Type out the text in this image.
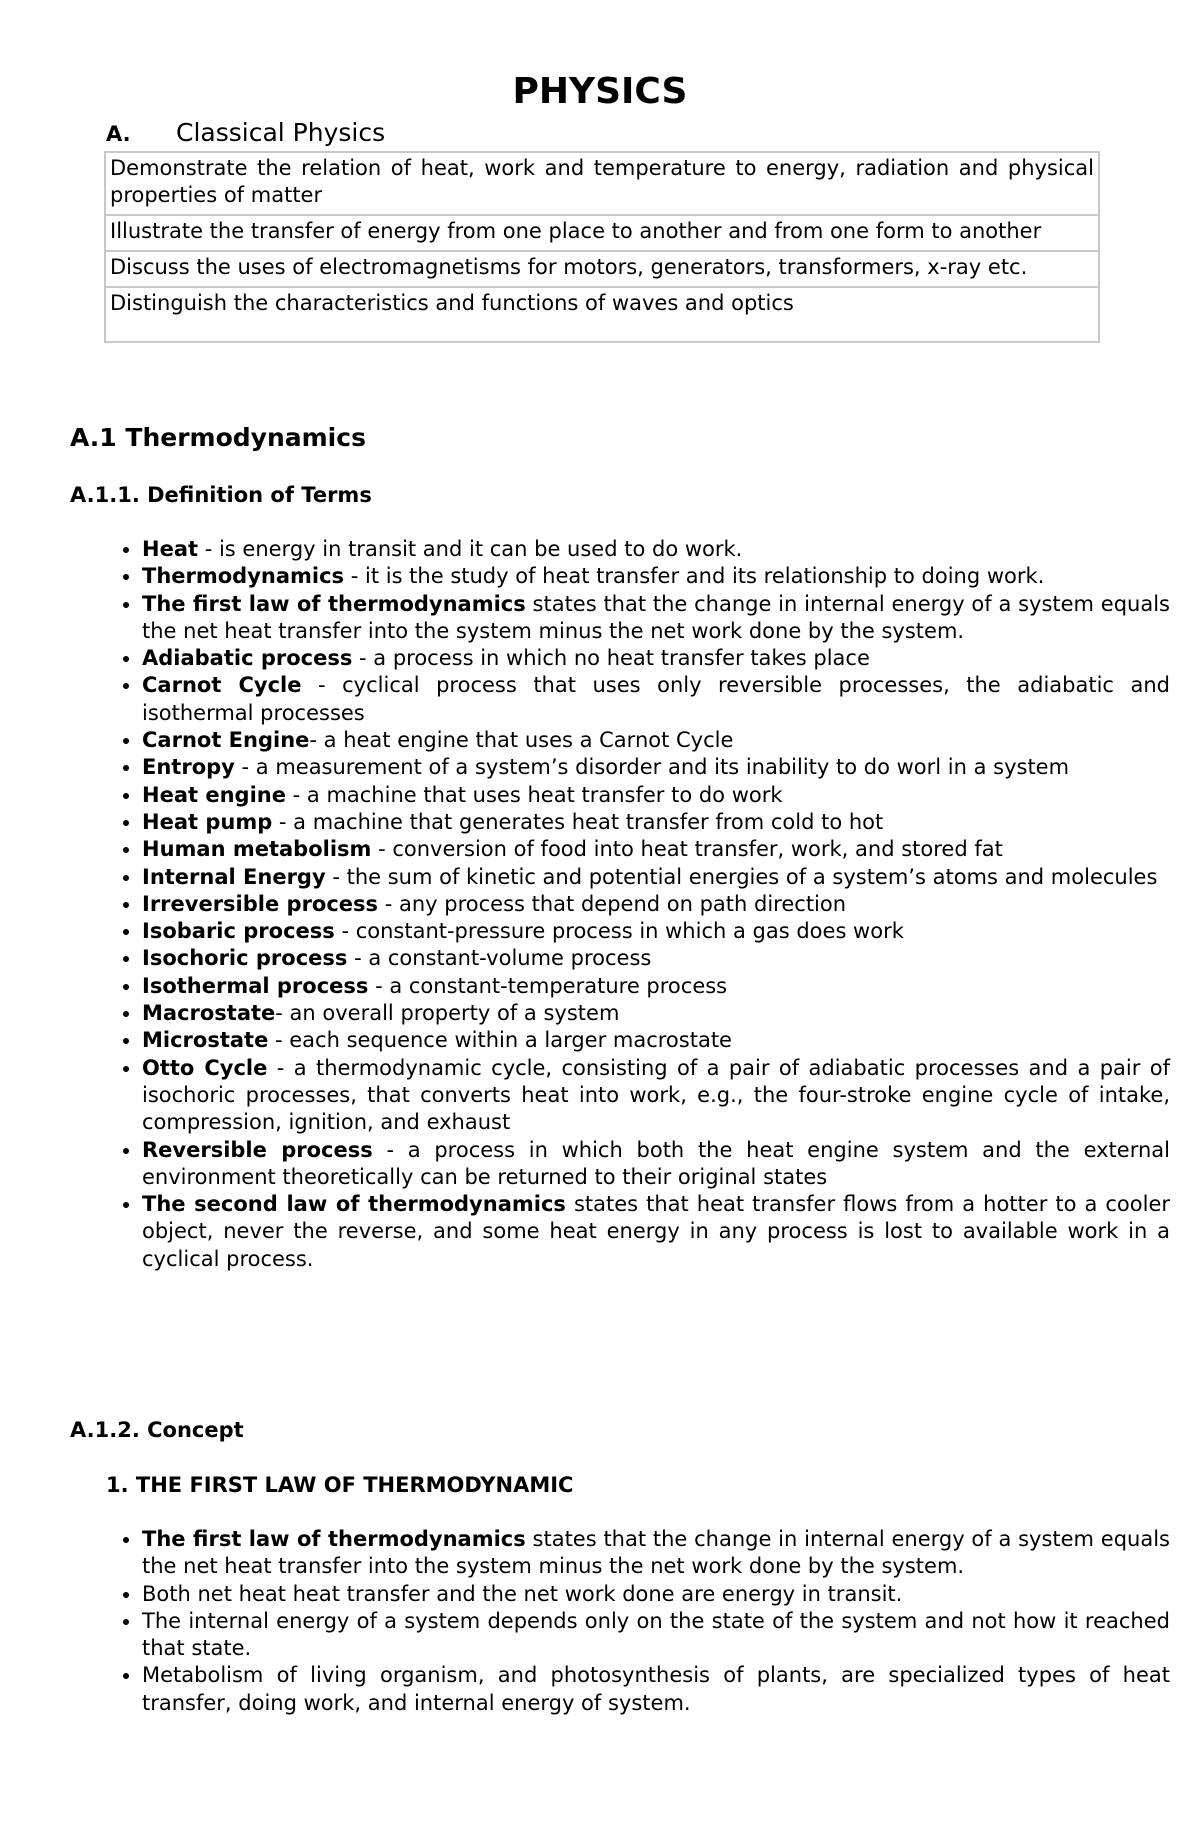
PHYSICS
A. Classical Physics
Demonstrate the relation of heat, work and temperature to energy, radiation and physical properties of matter
Illustrate the transfer of energy from one place to another and from one form to another
Discuss the uses of electromagnetisms for motors, generators, transformers, x-ray etc.
Distinguish the characteristics and functions of waves and optics
A.1 Thermodynamics
A.1.1. Definition of Terms
• Heat - is energy in transit and it can be used to do work.
• Thermodynamics - it is the study of heat transfer and its relationship to doing work.
• The first law of thermodynamics states that the change in internal energy of a system equals the net heat transfer into the system minus the net work done by the system.
• Adiabatic process - a process in which no heat transfer takes place
• Carnot Cycle - cyclical process that uses only reversible processes, the adiabatic and isothermal processes
• Carnot Engine- a heat engine that uses a Carnot Cycle
• Entropy - a measurement of a system’s disorder and its inability to do worl in a system
• Heat engine - a machine that uses heat transfer to do work
• Heat pump - a machine that generates heat transfer from cold to hot
• Human metabolism - conversion of food into heat transfer, work, and stored fat
• Internal Energy - the sum of kinetic and potential energies of a system’s atoms and molecules
• Irreversible process - any process that depend on path direction
• Isobaric process - constant-pressure process in which a gas does work
• Isochoric process - a constant-volume process
• Isothermal process - a constant-temperature process
• Macrostate- an overall property of a system
• Microstate - each sequence within a larger macrostate
• Otto Cycle - a thermodynamic cycle, consisting of a pair of adiabatic processes and a pair of isochoric processes, that converts heat into work, e.g., the four-stroke engine cycle of intake, compression, ignition, and exhaust
• Reversible process - a process in which both the heat engine system and the external environment theoretically can be returned to their original states
• The second law of thermodynamics states that heat transfer flows from a hotter to a cooler object, never the reverse, and some heat energy in any process is lost to available work in a cyclical process.
A.1.2. Concept
1. THE FIRST LAW OF THERMODYNAMIC
• The first law of thermodynamics states that the change in internal energy of a system equals the net heat transfer into the system minus the net work done by the system.
• Both net heat heat transfer and the net work done are energy in transit.
• The internal energy of a system depends only on the state of the system and not how it reached that state.
• Metabolism of living organism, and photosynthesis of plants, are specialized types of heat transfer, doing work, and internal energy of system.
